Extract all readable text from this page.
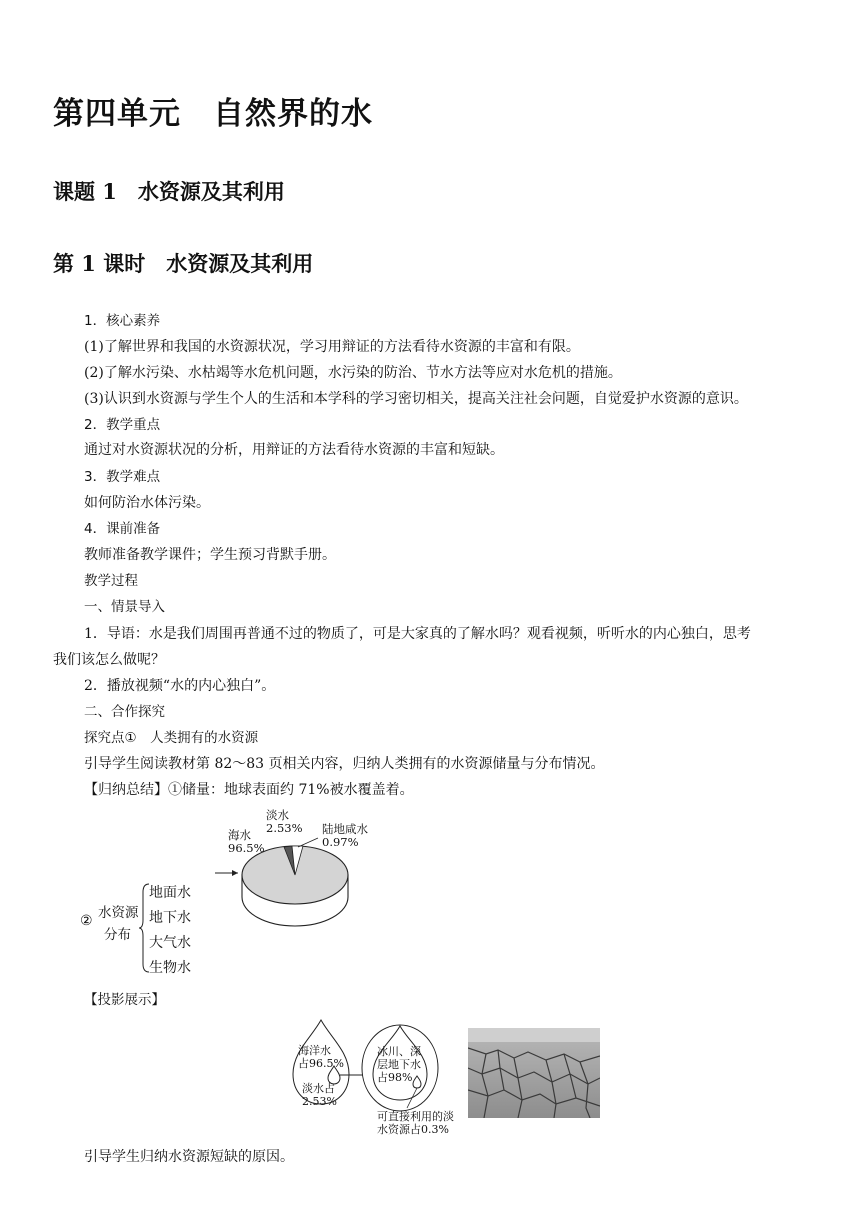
第四单元　自然界的水
课题 1　水资源及其利用
第 1 课时　水资源及其利用
1．核心素养
(1)了解世界和我国的水资源状况，学习用辩证的方法看待水资源的丰富和有限。
(2)了解水污染、水枯竭等水危机问题，水污染的防治、节水方法等应对水危机的措施。
(3)认识到水资源与学生个人的生活和本学科的学习密切相关，提高关注社会问题，自觉爱护水资源的意识。
2．教学重点
通过对水资源状况的分析，用辩证的方法看待水资源的丰富和短缺。
3．教学难点
如何防治水体污染。
4．课前准备
教师准备教学课件；学生预习背默手册。
教学过程
一、情景导入
1．导语：水是我们周围再普通不过的物质了，可是大家真的了解水吗？观看视频，听听水的内心独白，思考
我们该怎么做呢？
2．播放视频“水的内心独白”。
二、合作探究
探究点①　人类拥有的水资源
引导学生阅读教材第 82～83 页相关内容，归纳人类拥有的水资源储量与分布情况。
【归纳总结】①储量：地球表面约 71%被水覆盖着。
淡水
2.53%
海水
96.5%
陆地咸水
0.97%
② 水资源
分布
地面水
地下水
大气水
生物水
【投影展示】
海洋水
占96.5%
淡水占
2.53%
冰川、深
层地下水
占98%
可直接利用的淡
水资源占0.3%
引导学生归纳水资源短缺的原因。
